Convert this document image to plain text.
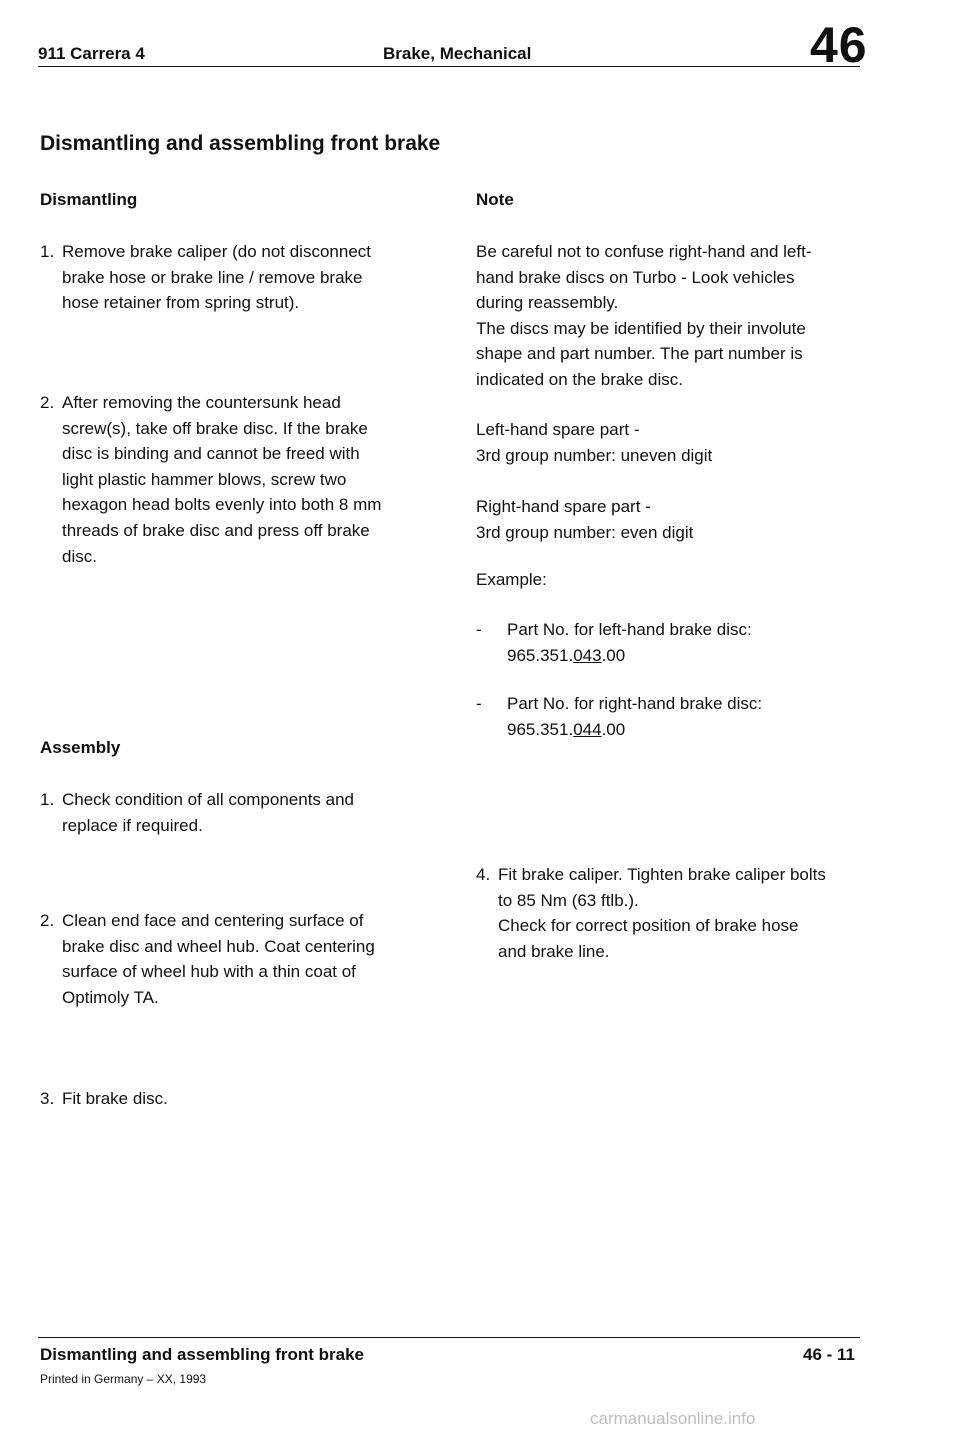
911 Carrera 4	Brake, Mechanical	46
Dismantling and assembling front brake
Dismantling
1. Remove brake caliper (do not disconnect
brake hose or brake line / remove brake
hose retainer from spring strut).
2. After removing the countersunk head
screw(s), take off brake disc. If the brake
disc is binding and cannot be freed with
light plastic hammer blows, screw two
hexagon head bolts evenly into both 8 mm
threads of brake disc and press off brake
disc.
Assembly
1. Check condition of all components and
replace if required.
2. Clean end face and centering surface of
brake disc and wheel hub. Coat centering
surface of wheel hub with a thin coat of
Optimoly TA.
3. Fit brake disc.
Note
Be careful not to confuse right-hand and left-
hand brake discs on Turbo - Look vehicles
during reassembly.
The discs may be identified by their involute
shape and part number. The part number is
indicated on the brake disc.
Left-hand spare part -
3rd group number: uneven digit
Right-hand spare part -
3rd group number: even digit
Example:
- Part No. for left-hand brake disc:
965.351.043.00
- Part No. for right-hand brake disc:
965.351.044.00
4. Fit brake caliper. Tighten brake caliper bolts
to 85 Nm (63 ftlb.).
Check for correct position of brake hose
and brake line.
Dismantling and assembling front brake	46 - 11
Printed in Germany – XX, 1993
carmanualsonline.info
